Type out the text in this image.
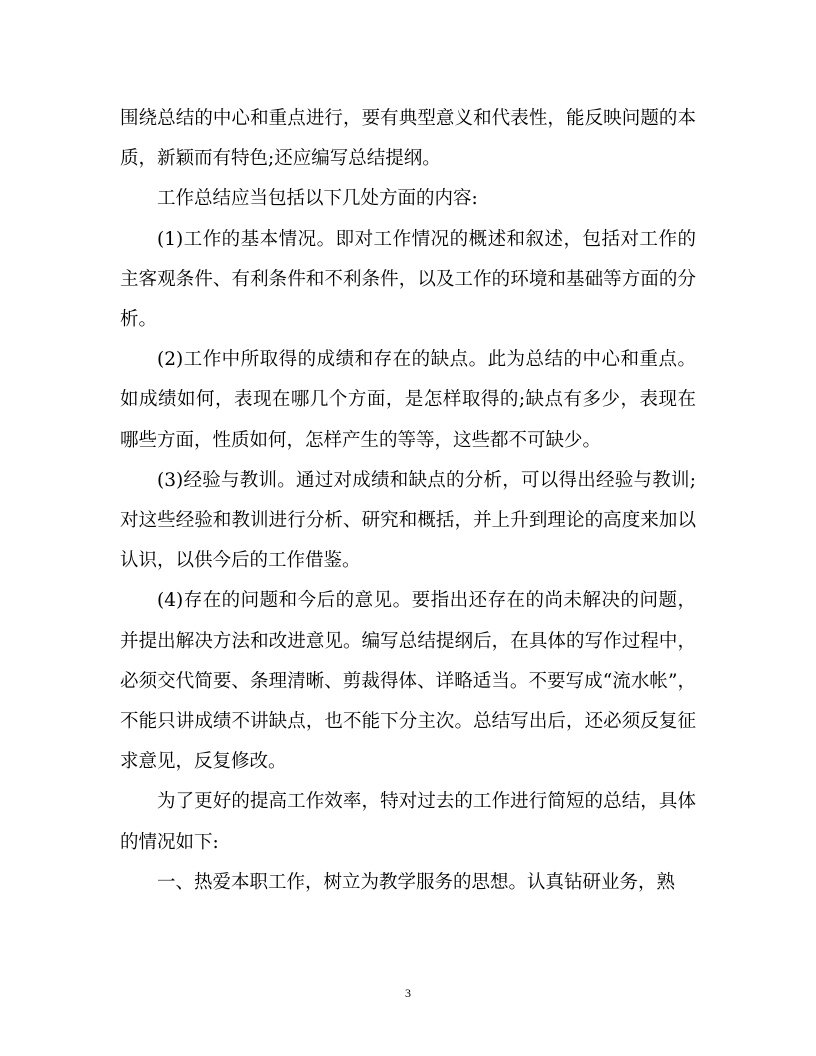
围绕总结的中心和重点进行，要有典型意义和代表性，能反映问题的本质，新颖而有特色;还应编写总结提纲。

工作总结应当包括以下几处方面的内容:

(1)工作的基本情况。即对工作情况的概述和叙述，包括对工作的主客观条件、有利条件和不利条件，以及工作的环境和基础等方面的分析。

(2)工作中所取得的成绩和存在的缺点。此为总结的中心和重点。如成绩如何，表现在哪几个方面，是怎样取得的;缺点有多少，表现在哪些方面，性质如何，怎样产生的等等，这些都不可缺少。

(3)经验与教训。通过对成绩和缺点的分析，可以得出经验与教训;对这些经验和教训进行分析、研究和概括，并上升到理论的高度来加以认识，以供今后的工作借鉴。

(4)存在的问题和今后的意见。要指出还存在的尚未解决的问题，并提出解决方法和改进意见。编写总结提纲后，在具体的写作过程中，必须交代简要、条理清晰、剪裁得体、详略适当。不要写成“流水帐”，不能只讲成绩不讲缺点，也不能下分主次。总结写出后，还必须反复征求意见，反复修改。

为了更好的提高工作效率，特对过去的工作进行简短的总结，具体的情况如下:

一、热爱本职工作，树立为教学服务的思想。认真钻研业务，熟

3
